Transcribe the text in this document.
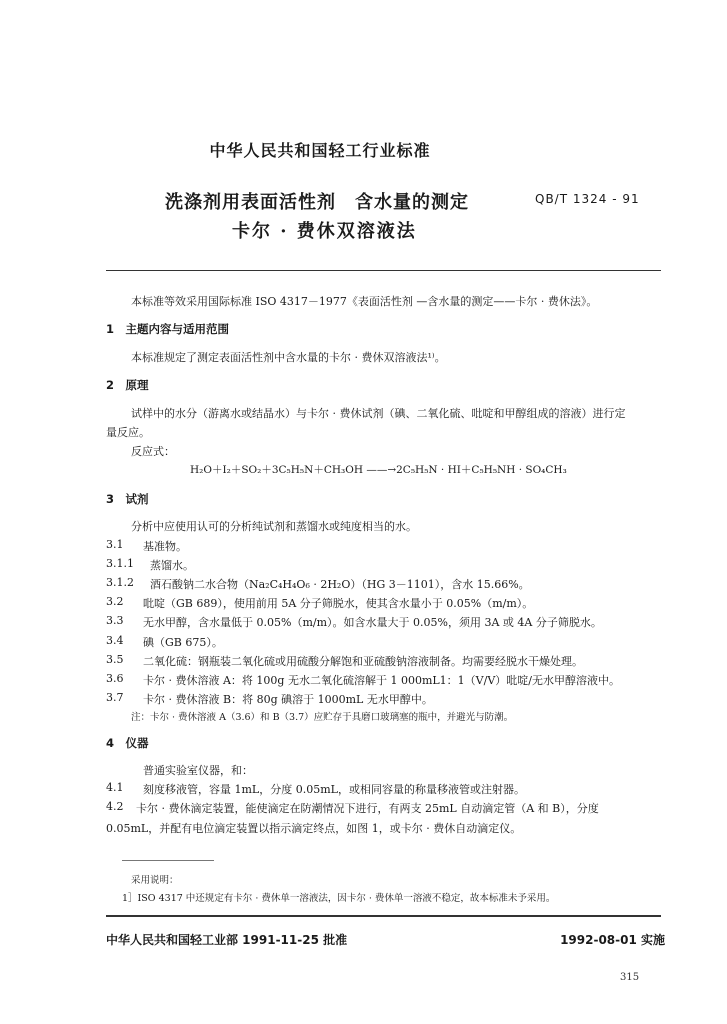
中华人民共和国轻工行业标准
洗涤剂用表面活性剂　含水量的测定	QB/T 1324 - 91
卡尔 · 费休双溶液法
本标准等效采用国际标准 ISO 4317－1977《表面活性剂 —含水量的测定——卡尔 · 费休法》。
1　主题内容与适用范围
本标准规定了测定表面活性剂中含水量的卡尔 · 费休双溶液法¹⁾。
2　原理
试样中的水分（游离水或结晶水）与卡尔 · 费休试剂（碘、二氧化硫、吡啶和甲醇组成的溶液）进行定
量反应。
反应式：
H₂O＋I₂＋SO₂＋3C₅H₅N＋CH₃OH ——→2C₅H₅N · HI＋C₅H₅NH · SO₄CH₃
3　试剂
分析中应使用认可的分析纯试剂和蒸馏水或纯度相当的水。
3.1 基准物。
3.1.1 蒸馏水。
3.1.2 酒石酸钠二水合物（Na₂C₄H₄O₆ · 2H₂O）（HG 3－1101），含水 15.66%。
3.2 吡啶（GB 689），使用前用 5A 分子筛脱水，使其含水量小于 0.05%（m/m）。
3.3 无水甲醇，含水量低于 0.05%（m/m）。如含水量大于 0.05%，须用 3A 或 4A 分子筛脱水。
3.4 碘（GB 675）。
3.5 二氧化硫：钢瓶装二氧化硫或用硫酸分解饱和亚硫酸钠溶液制备。均需要经脱水干燥处理。
3.6 卡尔 · 费休溶液 A：将 100g 无水二氧化硫溶解于 1 000mL1：1（V/V）吡啶/无水甲醇溶液中。
3.7 卡尔 · 费休溶液 B：将 80g 碘溶于 1000mL 无水甲醇中。
注：卡尔 · 费休溶液 A（3.6）和 B（3.7）应贮存于具磨口玻璃塞的瓶中，并避光与防潮。
4　仪器
普通实验室仪器，和：
4.1 刻度移液管，容量 1mL，分度 0.05mL，或相同容量的称量移液管或注射器。
4.2 卡尔 · 费休滴定装置，能使滴定在防潮情况下进行，有两支 25mL 自动滴定管（A 和 B），分度
0.05mL，并配有电位滴定装置以指示滴定终点，如图 1，或卡尔 · 费休自动滴定仪。
采用说明：
1］ISO 4317 中还规定有卡尔 · 费休单一溶液法，因卡尔 · 费休单一溶液不稳定，故本标准未予采用。
中华人民共和国轻工业部 1991-11-25 批准	1992-08-01 实施
315
